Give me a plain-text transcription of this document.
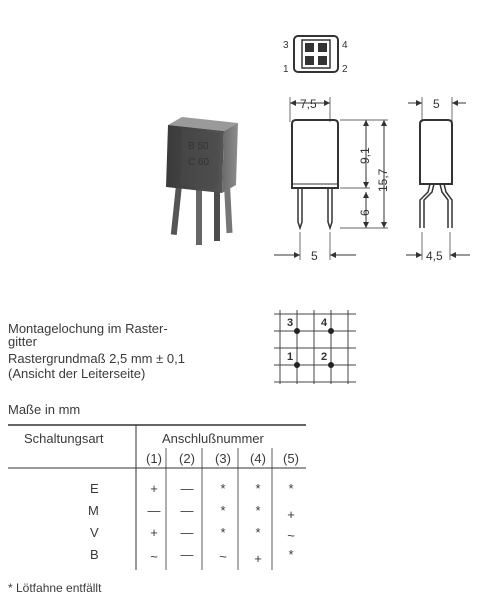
3	4
1	2
B 50
C 60
7,5
9,1
6
15,7
5
5
4,5
Montagelochung im Raster-
gitter
Rastergrundmaß 2,5 mm ± 0,1
(Ansicht der Leiterseite)
3	4
1	2
Maße in mm
Schaltungsart	Anschlußnummer
(1)	(2)	(3)	(4)	(5)
E	+	—	*	*	*
M	—	—	*	*	+
V	+	—	*	*	~
B	~	—	~	+	*
* Lötfahne entfällt
